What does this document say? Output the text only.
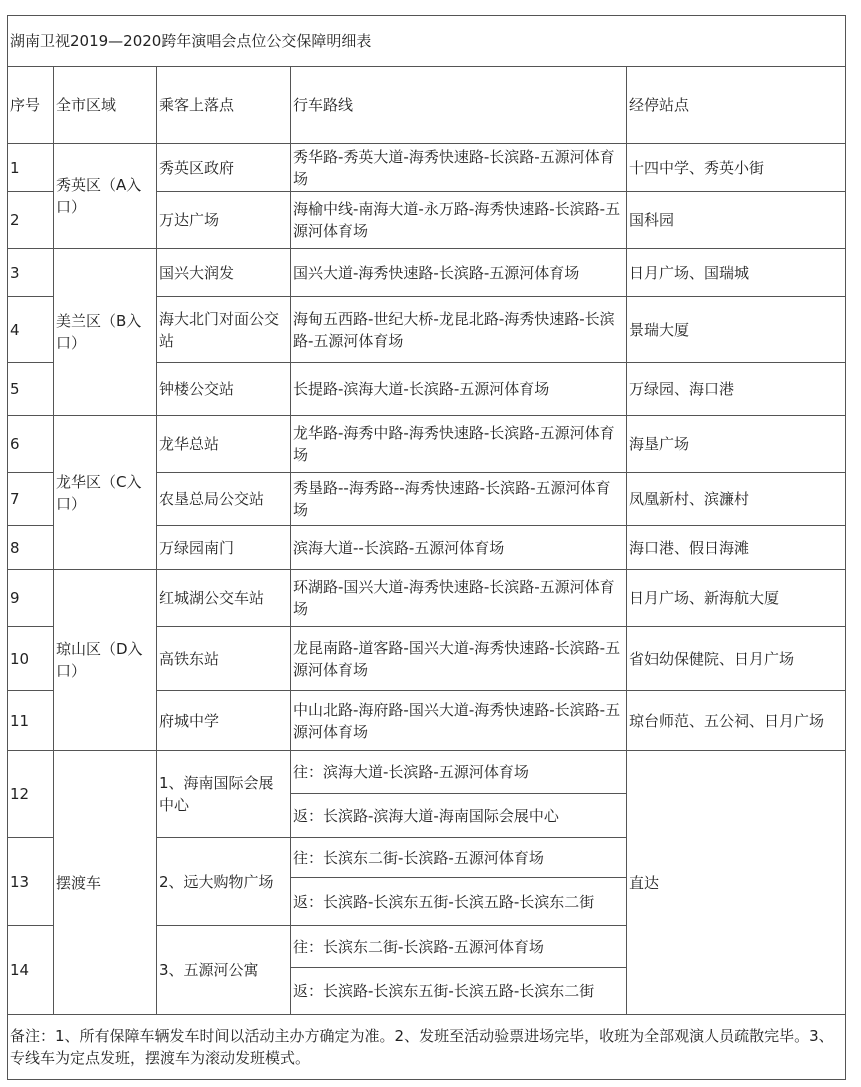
湖南卫视2019—2020跨年演唱会点位公交保障明细表				
序号	全市区域	乘客上落点	行车路线	经停站点
1	秀英区（A入口）	秀英区政府	秀华路-秀英大道-海秀快速路-长滨路-五源河体育场	十四中学、秀英小街
2		万达广场	海榆中线-南海大道-永万路-海秀快速路-长滨路-五源河体育场	国科园
3	美兰区（B入口）	国兴大润发	国兴大道-海秀快速路-长滨路-五源河体育场	日月广场、国瑞城
4		海大北门对面公交站	海甸五西路-世纪大桥-龙昆北路-海秀快速路-长滨路-五源河体育场	景瑞大厦
5		钟楼公交站	长提路-滨海大道-长滨路-五源河体育场	万绿园、海口港
6	龙华区（C入口）	龙华总站	龙华路-海秀中路-海秀快速路-长滨路-五源河体育场	海垦广场
7		农垦总局公交站	秀垦路--海秀路--海秀快速路-长滨路-五源河体育场	凤凰新村、滨濂村
8		万绿园南门	滨海大道--长滨路-五源河体育场	海口港、假日海滩
9	琼山区（D入口）	红城湖公交车站	环湖路-国兴大道-海秀快速路-长滨路-五源河体育场	日月广场、新海航大厦
10		高铁东站	龙昆南路-道客路-国兴大道-海秀快速路-长滨路-五源河体育场	省妇幼保健院、日月广场
11		府城中学	中山北路-海府路-国兴大道-海秀快速路-长滨路-五源河体育场	琼台师范、五公祠、日月广场
12	摆渡车	1、海南国际会展中心	往：滨海大道-长滨路-五源河体育场	直达
			返：长滨路-滨海大道-海南国际会展中心	
13		2、远大购物广场	往：长滨东二街-长滨路-五源河体育场	
			返：长滨路-长滨东五街-长滨五路-长滨东二街	
14		3、五源河公寓	往：长滨东二街-长滨路-五源河体育场	
			返：长滨路-长滨东五街-长滨五路-长滨东二街	
备注：1、所有保障车辆发车时间以活动主办方确定为准。2、发班至活动验票进场完毕，收班为全部观演人员疏散完毕。3、专线车为定点发班，摆渡车为滚动发班模式。				
